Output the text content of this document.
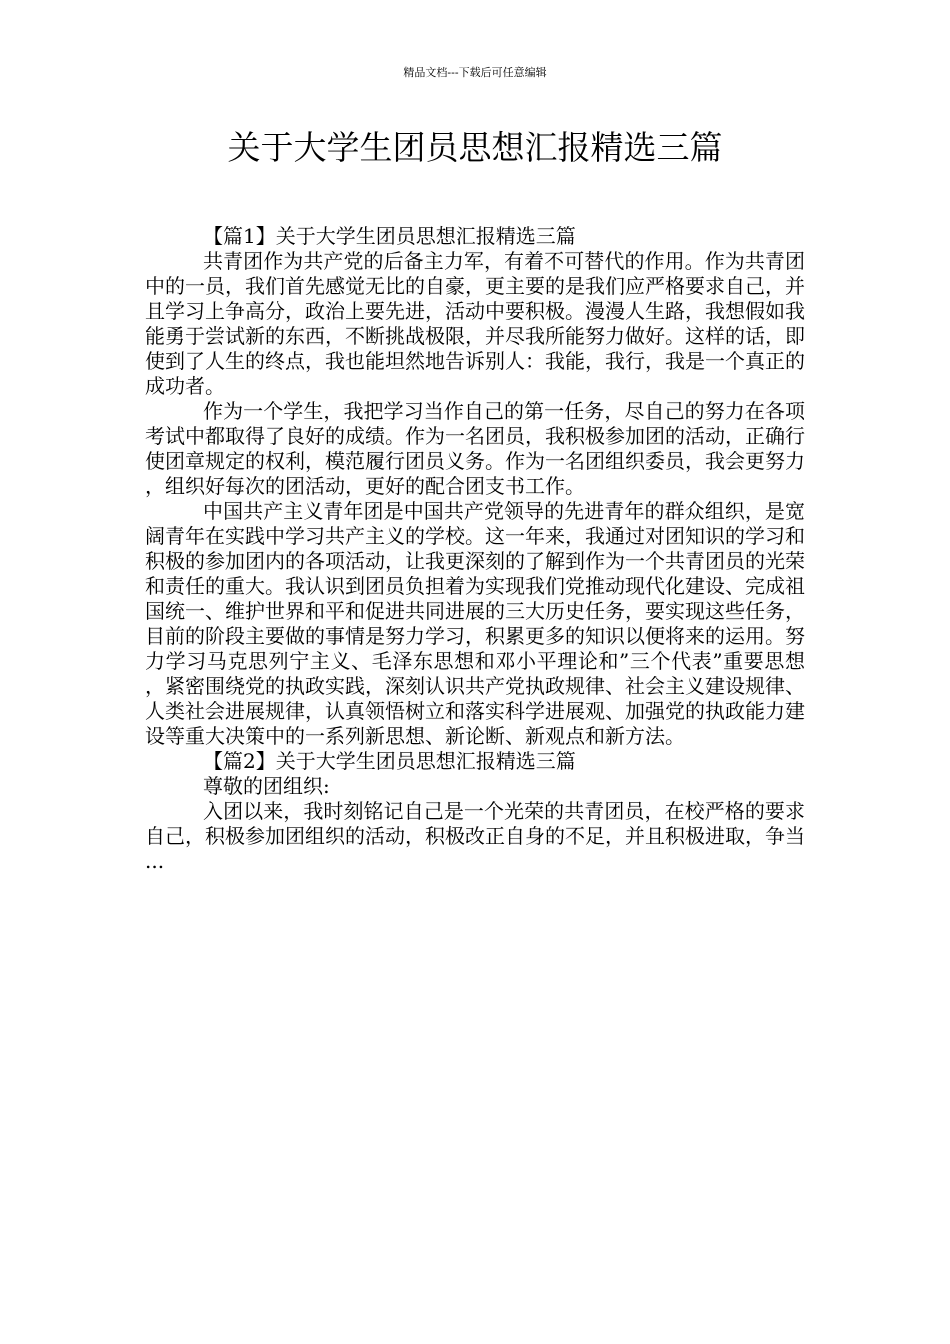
精品文档---下载后可任意编辑
关于大学生团员思想汇报精选三篇

【篇1】关于大学生团员思想汇报精选三篇

共青团作为共产党的后备主力军，有着不可替代的作用。作为共青团中的一员，我们首先感觉无比的自豪，更主要的是我们应严格要求自己，并且学习上争高分，政治上要先进，活动中要积极。漫漫人生路，我想假如我能勇于尝试新的东西，不断挑战极限，并尽我所能努力做好。这样的话，即使到了人生的终点，我也能坦然地告诉别人：我能，我行，我是一个真正的成功者。

作为一个学生，我把学习当作自己的第一任务，尽自己的努力在各项考试中都取得了良好的成绩。作为一名团员，我积极参加团的活动，正确行使团章规定的权利，模范履行团员义务。作为一名团组织委员，我会更努力，组织好每次的团活动，更好的配合团支书工作。

中国共产主义青年团是中国共产党领导的先进青年的群众组织，是宽阔青年在实践中学习共产主义的学校。这一年来，我通过对团知识的学习和积极的参加团内的各项活动，让我更深刻的了解到作为一个共青团员的光荣和责任的重大。我认识到团员负担着为实现我们党推动现代化建设、完成祖国统一、维护世界和平和促进共同进展的三大历史任务，要实现这些任务，目前的阶段主要做的事情是努力学习，积累更多的知识以便将来的运用。努力学习马克思列宁主义、毛泽东思想和邓小平理论和”三个代表”重要思想，紧密围绕党的执政实践，深刻认识共产党执政规律、社会主义建设规律、人类社会进展规律，认真领悟树立和落实科学进展观、加强党的执政能力建设等重大决策中的一系列新思想、新论断、新观点和新方法。

【篇2】关于大学生团员思想汇报精选三篇

尊敬的团组织:

入团以来，我时刻铭记自己是一个光荣的共青团员，在校严格的要求自己，积极参加团组织的活动，积极改正自身的不足，并且积极进取，争当...
